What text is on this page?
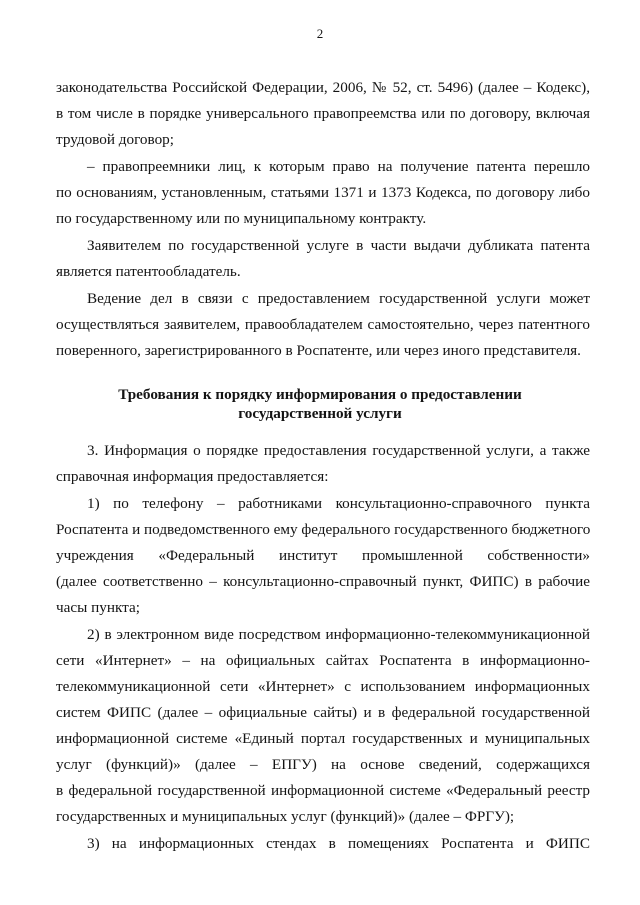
2
законодательства Российской Федерации, 2006, № 52, ст. 5496) (далее – Кодекс),
в том числе в порядке универсального правопреемства или по договору, включая
трудовой договор;
– правопреемники лиц, к которым право на получение патента перешло
по основаниям, установленным, статьями 1371 и 1373 Кодекса, по договору либо
по государственному или по муниципальному контракту.
Заявителем по государственной услуге в части выдачи дубликата патента
является патентообладатель.
Ведение дел в связи с предоставлением государственной услуги может
осуществляться заявителем, правообладателем самостоятельно, через патентного
поверенного, зарегистрированного в Роспатенте, или через иного представителя.
Требования к порядку информирования о предоставлении
государственной услуги
3. Информация о порядке предоставления государственной услуги, а также
справочная информация предоставляется:
1) по телефону – работниками консультационно-справочного пункта
Роспатента и подведомственного ему федерального государственного бюджетного
учреждения «Федеральный институт промышленной собственности»
(далее соответственно – консультационно-справочный пункт, ФИПС) в рабочие
часы пункта;
2) в электронном виде посредством информационно-телекоммуникационной
сети «Интернет» – на официальных сайтах Роспатента в информационно-
телекоммуникационной сети «Интернет» с использованием информационных
систем ФИПС (далее – официальные сайты) и в федеральной государственной
информационной системе «Единый портал государственных и муниципальных
услуг (функций)» (далее – ЕПГУ) на основе сведений, содержащихся
в федеральной государственной информационной системе «Федеральный реестр
государственных и муниципальных услуг (функций)» (далее – ФРГУ);
3) на информационных стендах в помещениях Роспатента и ФИПС
